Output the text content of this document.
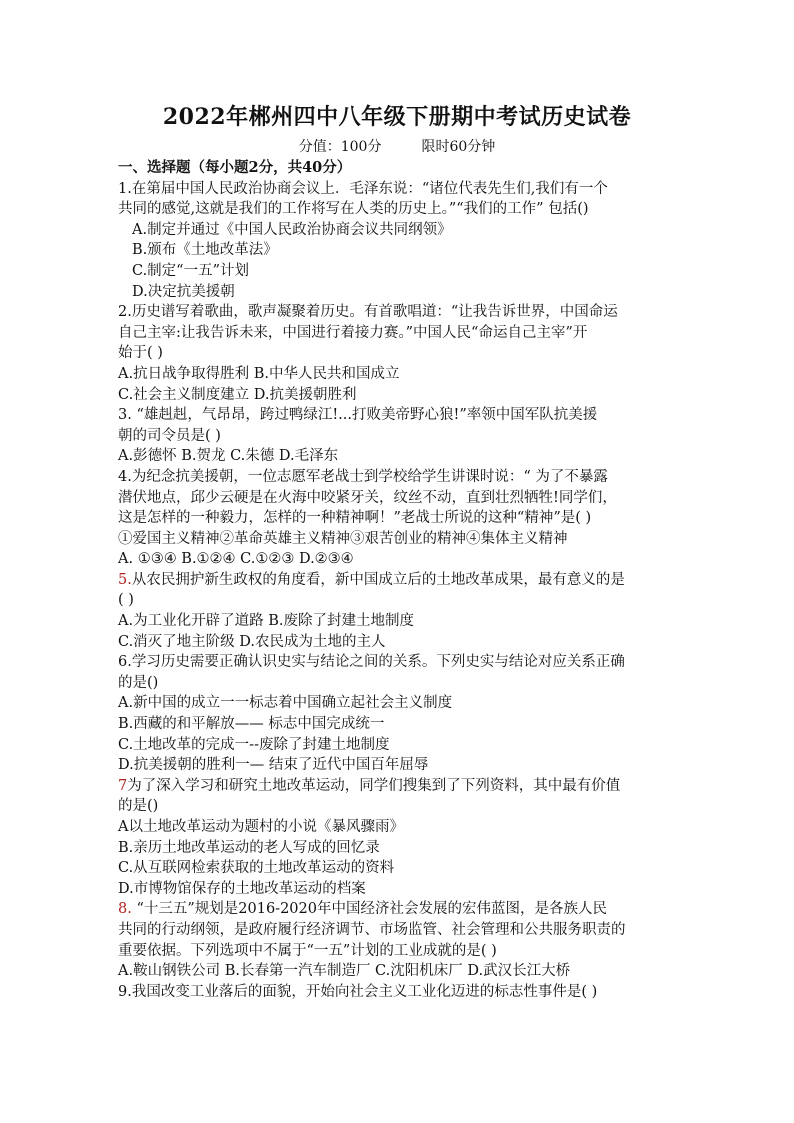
2022年郴州四中八年级下册期中考试历史试卷
分值：100分	限时60分钟
一、选择题（每小题2分，共40分）
1.在第届中国人民政治协商会议上．毛泽东说：“诸位代表先生们,我们有一个
共同的感觉,这就是我们的工作将写在人类的历史上。”“我们的工作” 包括()
A.制定并通过《中国人民政治协商会议共同纲领》
B.颁布《土地改革法》
C.制定“一五”计划
D.决定抗美援朝
2.历史谱写着歌曲，歌声凝聚着历史。有首歌唱道：“让我告诉世界，中国命运
自己主宰:让我告诉未来，中国进行着接力赛。”中国人民“命运自己主宰”开
始于( )
A.抗日战争取得胜利 B.中华人民共和国成立
C.社会主义制度建立 D.抗美援朝胜利
3. “雄赳赳，气昂昂，跨过鸭绿江!...打败美帝野心狼!”率领中国军队抗美援
朝的司令员是( )
A.彭德怀 B.贺龙 C.朱德 D.毛泽东
4.为纪念抗美援朝，一位志愿军老战士到学校给学生讲课时说：“ 为了不暴露
潜伏地点，邱少云硬是在火海中咬紧牙关，纹丝不动，直到壮烈牺牲!同学们，
这是怎样的一种毅力，怎样的一种精神啊！”老战士所说的这种“精神”是( )
①爱国主义精神②革命英雄主义精神③艰苦创业的精神④集体主义精神
A. ①③④ B.①②④ C.①②③ D.②③④
5.从农民拥护新生政权的角度看，新中国成立后的土地改革成果，最有意义的是
( )
A.为工业化开辟了道路 B.废除了封建土地制度
C.消灭了地主阶级 D.农民成为土地的主人
6.学习历史需要正确认识史实与结论之间的关系。下列史实与结论对应关系正确
的是()
A.新中国的成立一一标志着中国确立起社会主义制度
B.西藏的和平解放—— 标志中国完成统一
C.土地改革的完成一--废除了封建土地制度
D.抗美援朝的胜利一— 结束了近代中国百年屈辱
7为了深入学习和研究土地改革运动，同学们搜集到了下列资料，其中最有价值
的是()
A以土地改革运动为题村的小说《暴风骤雨》
B.亲历土地改革运动的老人写成的回忆录
C.从互联网检索获取的土地改革运动的资料
D.市博物馆保存的土地改革运动的档案
8. “十三五”规划是2016-2020年中国经济社会发展的宏伟蓝图，是各族人民
共同的行动纲领，是政府履行经济调节、市场监管、社会管理和公共服务职责的
重要依据。下列选项中不属于“一五”计划的工业成就的是( )
A.鞍山钢铁公司 B.长春第一汽车制造厂 C.沈阳机床厂 D.武汉长江大桥
9.我国改变工业落后的面貌，开始向社会主义工业化迈进的标志性事件是( )
